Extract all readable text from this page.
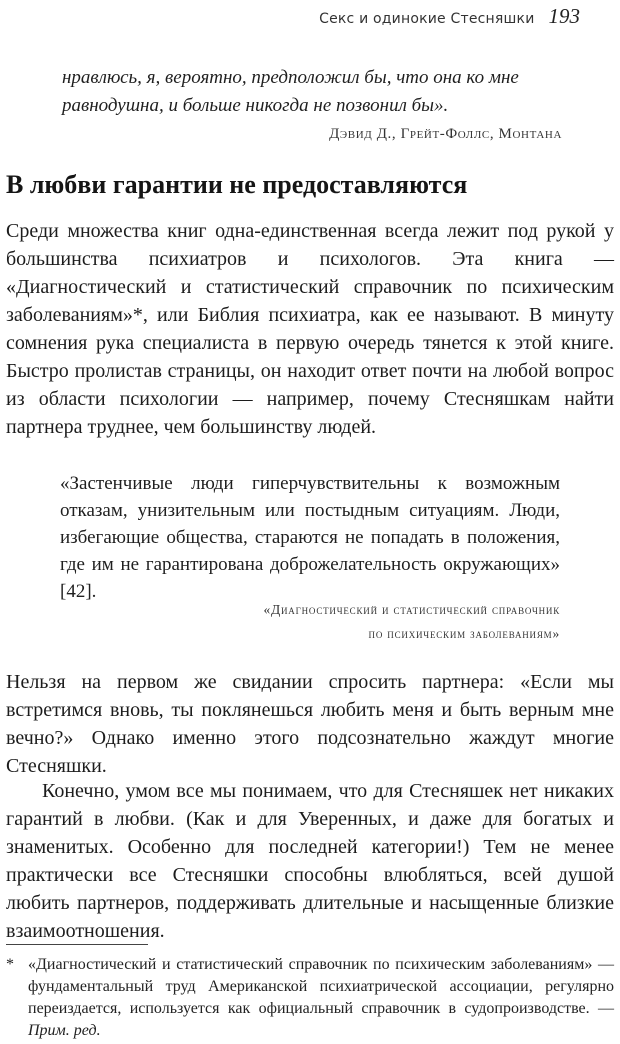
Секс и одинокие Стесняшки 193

нравлюсь, я, вероятно, предположил бы, что она ко мне равнодушна, и больше никогда не позвонил бы».

Дэвид Д., Грейт-Фоллс, Монтана

В любви гарантии не предоставляются

Среди множества книг одна-единственная всегда лежит под рукой у большинства психиатров и психологов. Эта книга — «Диагностический и статистический справочник по психическим заболеваниям»*, или Библия психиатра, как ее называют. В минуту сомнения рука специалиста в первую очередь тянется к этой книге. Быстро пролистав страницы, он находит ответ почти на любой вопрос из области психологии — например, почему Стесняшкам найти партнера труднее, чем большинству людей.

«Застенчивые люди гиперчувствительны к возможным отказам, унизительным или постыдным ситуациям. Люди, избегающие общества, стараются не попадать в положения, где им не гарантирована доброжелательность окружающих» [42].

«Диагностический и статистический справочник
по психическим заболеваниям»

Нельзя на первом же свидании спросить партнера: «Если мы встретимся вновь, ты поклянешься любить меня и быть верным мне вечно?» Однако именно этого подсознательно жаждут многие Стесняшки.

Конечно, умом все мы понимаем, что для Стесняшек нет никаких гарантий в любви. (Как и для Уверенных, и даже для богатых и знаменитых. Особенно для последней категории!) Тем не менее практически все Стесняшки способны влюбляться, всей душой любить партнеров, поддерживать длительные и насыщенные близкие взаимоотношения.

* «Диагностический и статистический справочник по психическим заболеваниям» — фундаментальный труд Американской психиатрической ассоциации, регулярно переиздается, используется как официальный справочник в судопроизводстве. — Прим. ред.
